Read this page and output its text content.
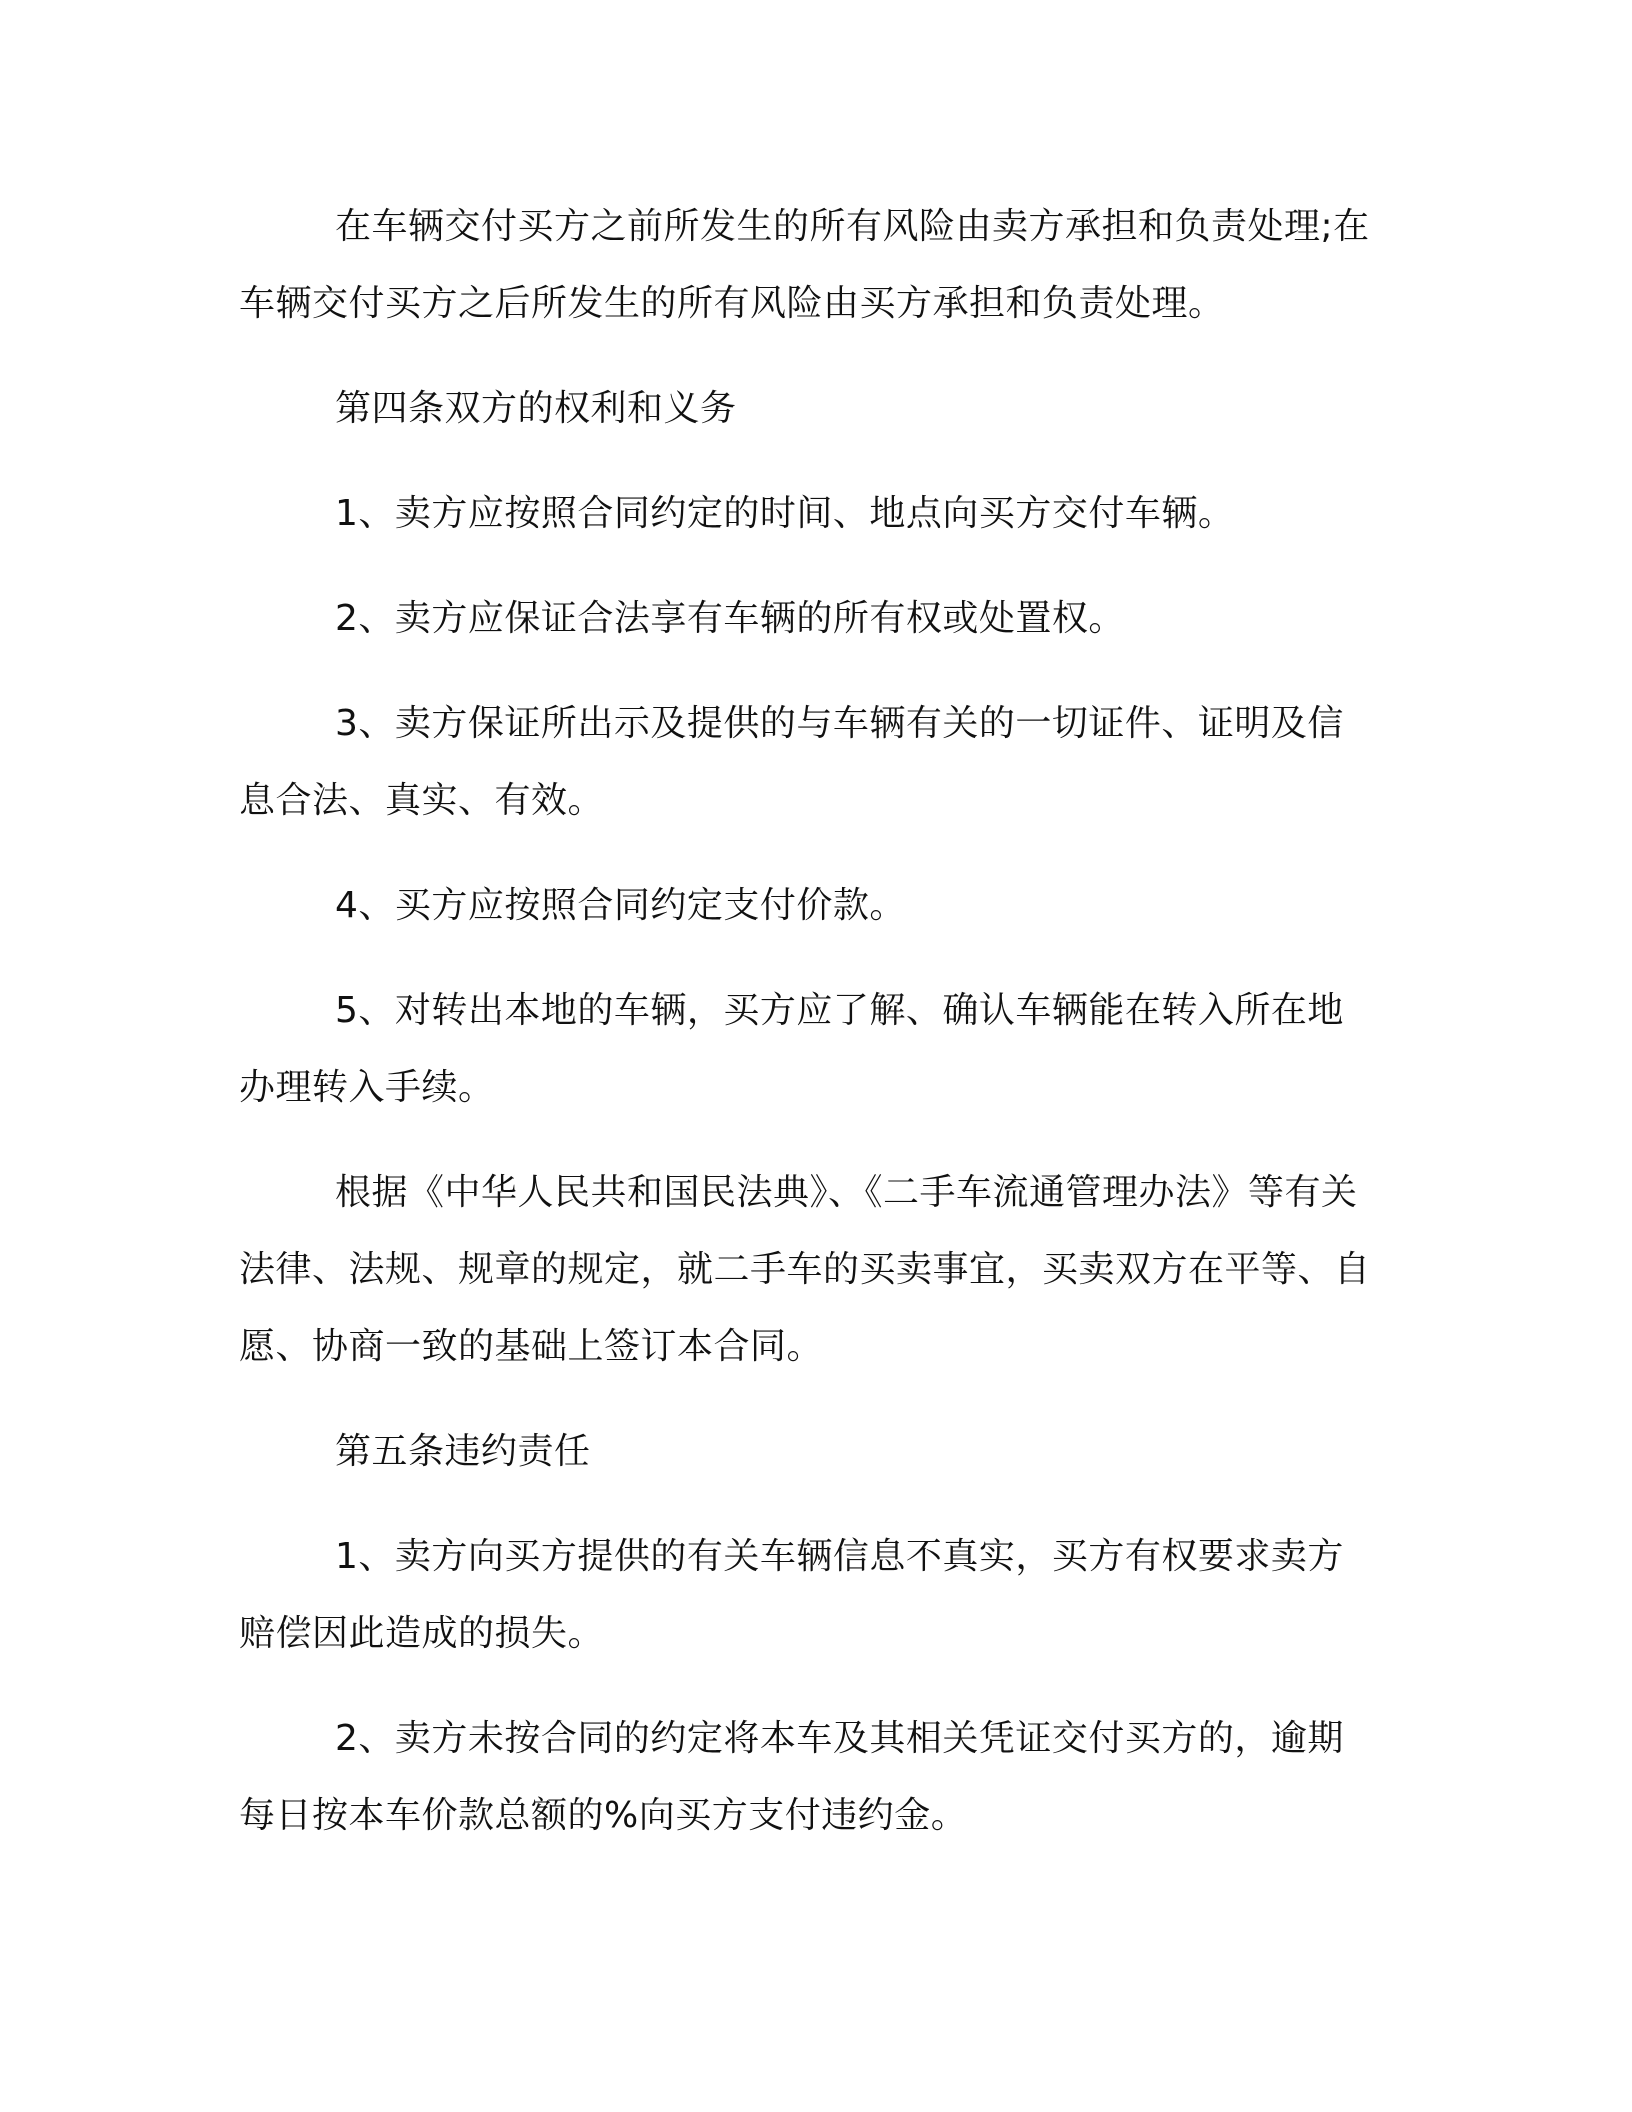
在车辆交付买方之前所发生的所有风险由卖方承担和负责处理;在车辆交付买方之后所发生的所有风险由买方承担和负责处理。

第四条双方的权利和义务

1、卖方应按照合同约定的时间、地点向买方交付车辆。

2、卖方应保证合法享有车辆的所有权或处置权。

3、卖方保证所出示及提供的与车辆有关的一切证件、证明及信息合法、真实、有效。

4、买方应按照合同约定支付价款。

5、对转出本地的车辆，买方应了解、确认车辆能在转入所在地办理转入手续。

根据《中华人民共和国民法典》、《二手车流通管理办法》等有关法律、法规、规章的规定，就二手车的买卖事宜，买卖双方在平等、自愿、协商一致的基础上签订本合同。

第五条违约责任

1、卖方向买方提供的有关车辆信息不真实，买方有权要求卖方赔偿因此造成的损失。

2、卖方未按合同的约定将本车及其相关凭证交付买方的，逾期每日按本车价款总额的%向买方支付违约金。
